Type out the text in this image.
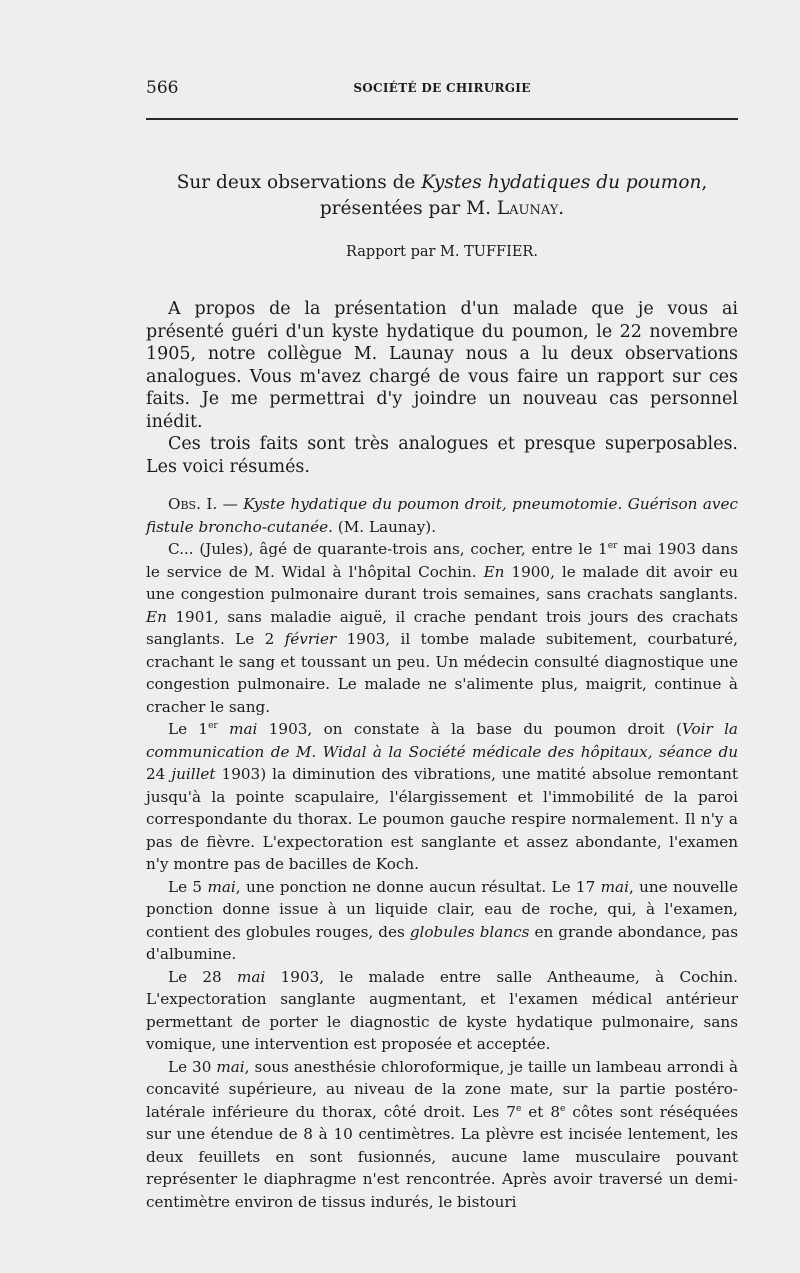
566	SOCIÉTÉ DE CHIRURGIE
Sur deux observations de Kystes hydatiques du poumon,
présentées par M. Launay.
Rapport par M. TUFFIER.

A propos de la présentation d'un malade que je vous ai présenté guéri d'un kyste hydatique du poumon, le 22 novembre 1905, notre collègue M. Launay nous a lu deux observations analogues. Vous m'avez chargé de vous faire un rapport sur ces faits. Je me permettrai d'y joindre un nouveau cas personnel inédit.

Ces trois faits sont très analogues et presque superposables. Les voici résumés.

Obs. I. — Kyste hydatique du poumon droit, pneumotomie. Guérison avec fistule broncho-cutanée. (M. Launay).

C... (Jules), âgé de quarante-trois ans, cocher, entre le 1er mai 1903 dans le service de M. Widal à l'hôpital Cochin. En 1900, le malade dit avoir eu une congestion pulmonaire durant trois semaines, sans crachats sanglants. En 1901, sans maladie aiguë, il crache pendant trois jours des crachats sanglants. Le 2 février 1903, il tombe malade subitement, courbaturé, crachant le sang et toussant un peu. Un médecin consulté diagnostique une congestion pulmonaire. Le malade ne s'alimente plus, maigrit, continue à cracher le sang.

Le 1er mai 1903, on constate à la base du poumon droit (Voir la communication de M. Widal à la Société médicale des hôpitaux, séance du 24 juillet 1903) la diminution des vibrations, une matité absolue remontant jusqu'à la pointe scapulaire, l'élargissement et l'immobilité de la paroi correspondante du thorax. Le poumon gauche respire normalement. Il n'y a pas de fièvre. L'expectoration est sanglante et assez abondante, l'examen n'y montre pas de bacilles de Koch.

Le 5 mai, une ponction ne donne aucun résultat. Le 17 mai, une nouvelle ponction donne issue à un liquide clair, eau de roche, qui, à l'examen, contient des globules rouges, des globules blancs en grande abondance, pas d'albumine.

Le 28 mai 1903, le malade entre salle Antheaume, à Cochin. L'expectoration sanglante augmentant, et l'examen médical antérieur permettant de porter le diagnostic de kyste hydatique pulmonaire, sans vomique, une intervention est proposée et acceptée.

Le 30 mai, sous anesthésie chloroformique, je taille un lambeau arrondi à concavité supérieure, au niveau de la zone mate, sur la partie postéro-latérale inférieure du thorax, côté droit. Les 7e et 8e côtes sont réséquées sur une étendue de 8 à 10 centimètres. La plèvre est incisée lentement, les deux feuillets en sont fusionnés, aucune lame musculaire pouvant représenter le diaphragme n'est rencontrée. Après avoir traversé un demi-centimètre environ de tissus indurés, le bistouri
